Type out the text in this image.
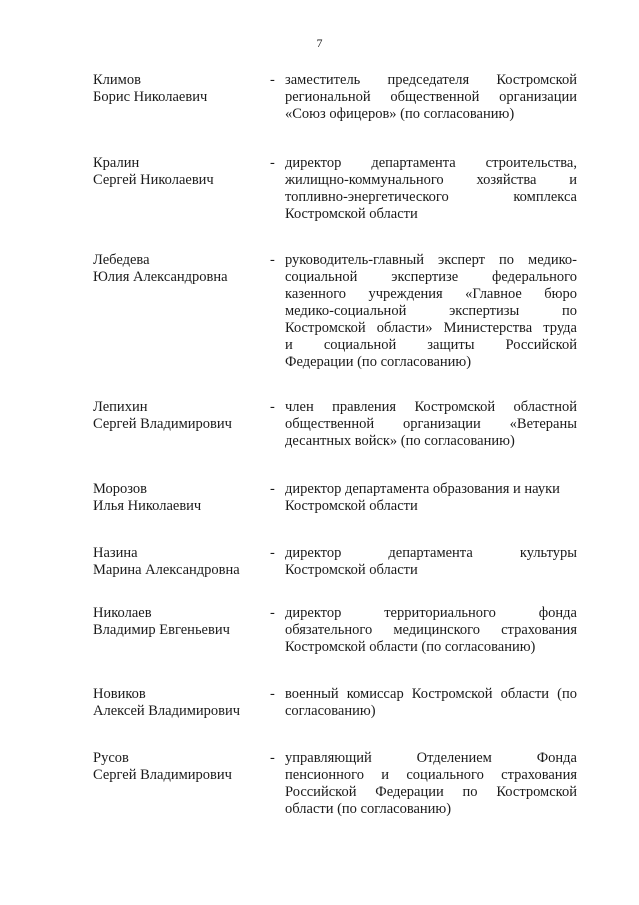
7
Климов
Борис Николаевич
- заместитель председателя Костромской
региональной общественной организации
«Союз офицеров» (по согласованию)
Кралин
Сергей Николаевич
- директор департамента строительства,
жилищно-коммунального хозяйства и
топливно-энергетического комплекса
Костромской области
Лебедева
Юлия Александровна
- руководитель-главный эксперт по медико-
социальной экспертизе федерального
казенного учреждения «Главное бюро
медико-социальной экспертизы по
Костромской области» Министерства труда
и социальной защиты Российской
Федерации (по согласованию)
Лепихин
Сергей Владимирович
- член правления Костромской областной
общественной организации «Ветераны
десантных войск» (по согласованию)
Морозов
Илья Николаевич
- директор департамента образования и науки
Костромской области
Назина
Марина Александровна
- директор департамента культуры
Костромской области
Николаев
Владимир Евгеньевич
- директор территориального фонда
обязательного медицинского страхования
Костромской области (по согласованию)
Новиков
Алексей Владимирович
- военный комиссар Костромской области (по
согласованию)
Русов
Сергей Владимирович
- управляющий Отделением Фонда
пенсионного и социального страхования
Российской Федерации по Костромской
области (по согласованию)
